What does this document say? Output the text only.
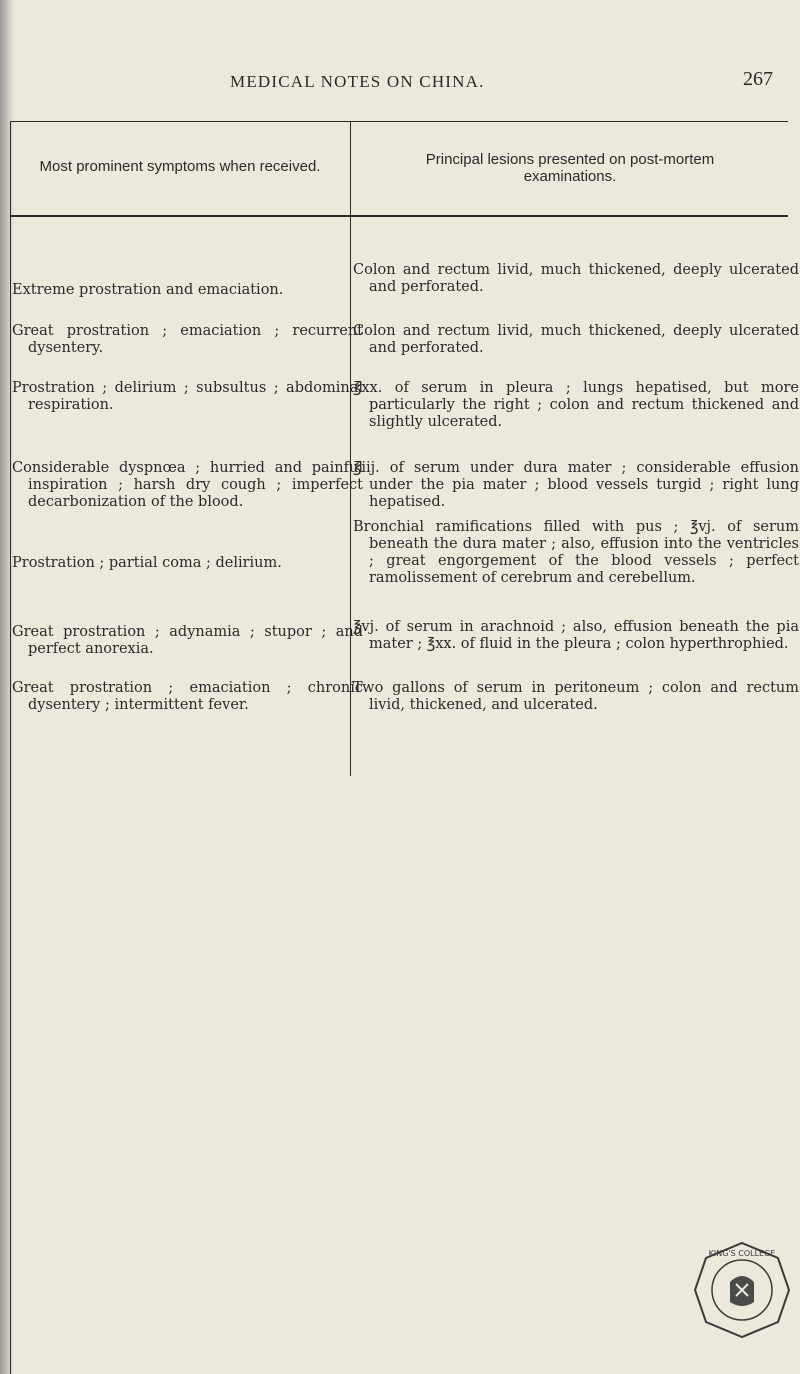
MEDICAL NOTES ON CHINA.	267
Most prominent symptoms when received.	Principal lesions presented on post-mortem examinations.
Extreme prostration and emaciation.
Colon and rectum livid, much thickened, deeply ulcerated and perforated.
Great prostration ; emaciation ; recurrent dysentery.
Colon and rectum livid, much thickened, deeply ulcerated and perforated.
Prostration ; delirium ; subsultus ; abdominal respiration.
℥xx. of serum in pleura ; lungs hepatised, but more particularly the right ; colon and rectum thickened and slightly ulcerated.
Considerable dyspnœa ; hurried and painful inspiration ; harsh dry cough ; imperfect decarbonization of the blood.
℥iij. of serum under dura mater ; considerable effusion under the pia mater ; blood vessels turgid ; right lung hepatised.
Prostration ; partial coma ; delirium.
Bronchial ramifications filled with pus ; ℥vj. of serum beneath the dura mater ; also, effusion into the ventricles ; great engorgement of the blood vessels ; perfect ramolissement of cerebrum and cerebellum.
Great prostration ; adynamia ; stupor ; and perfect anorexia.
℥vj. of serum in arachnoid ; also, effusion beneath the pia mater ; ℥xx. of fluid in the pleura ; colon hyperthrophied.
Great prostration ; emaciation ; chronic dysentery ; intermittent fever.
Two gallons of serum in peritoneum ; colon and rectum livid, thickened, and ulcerated.
KING'S COLLEGE
